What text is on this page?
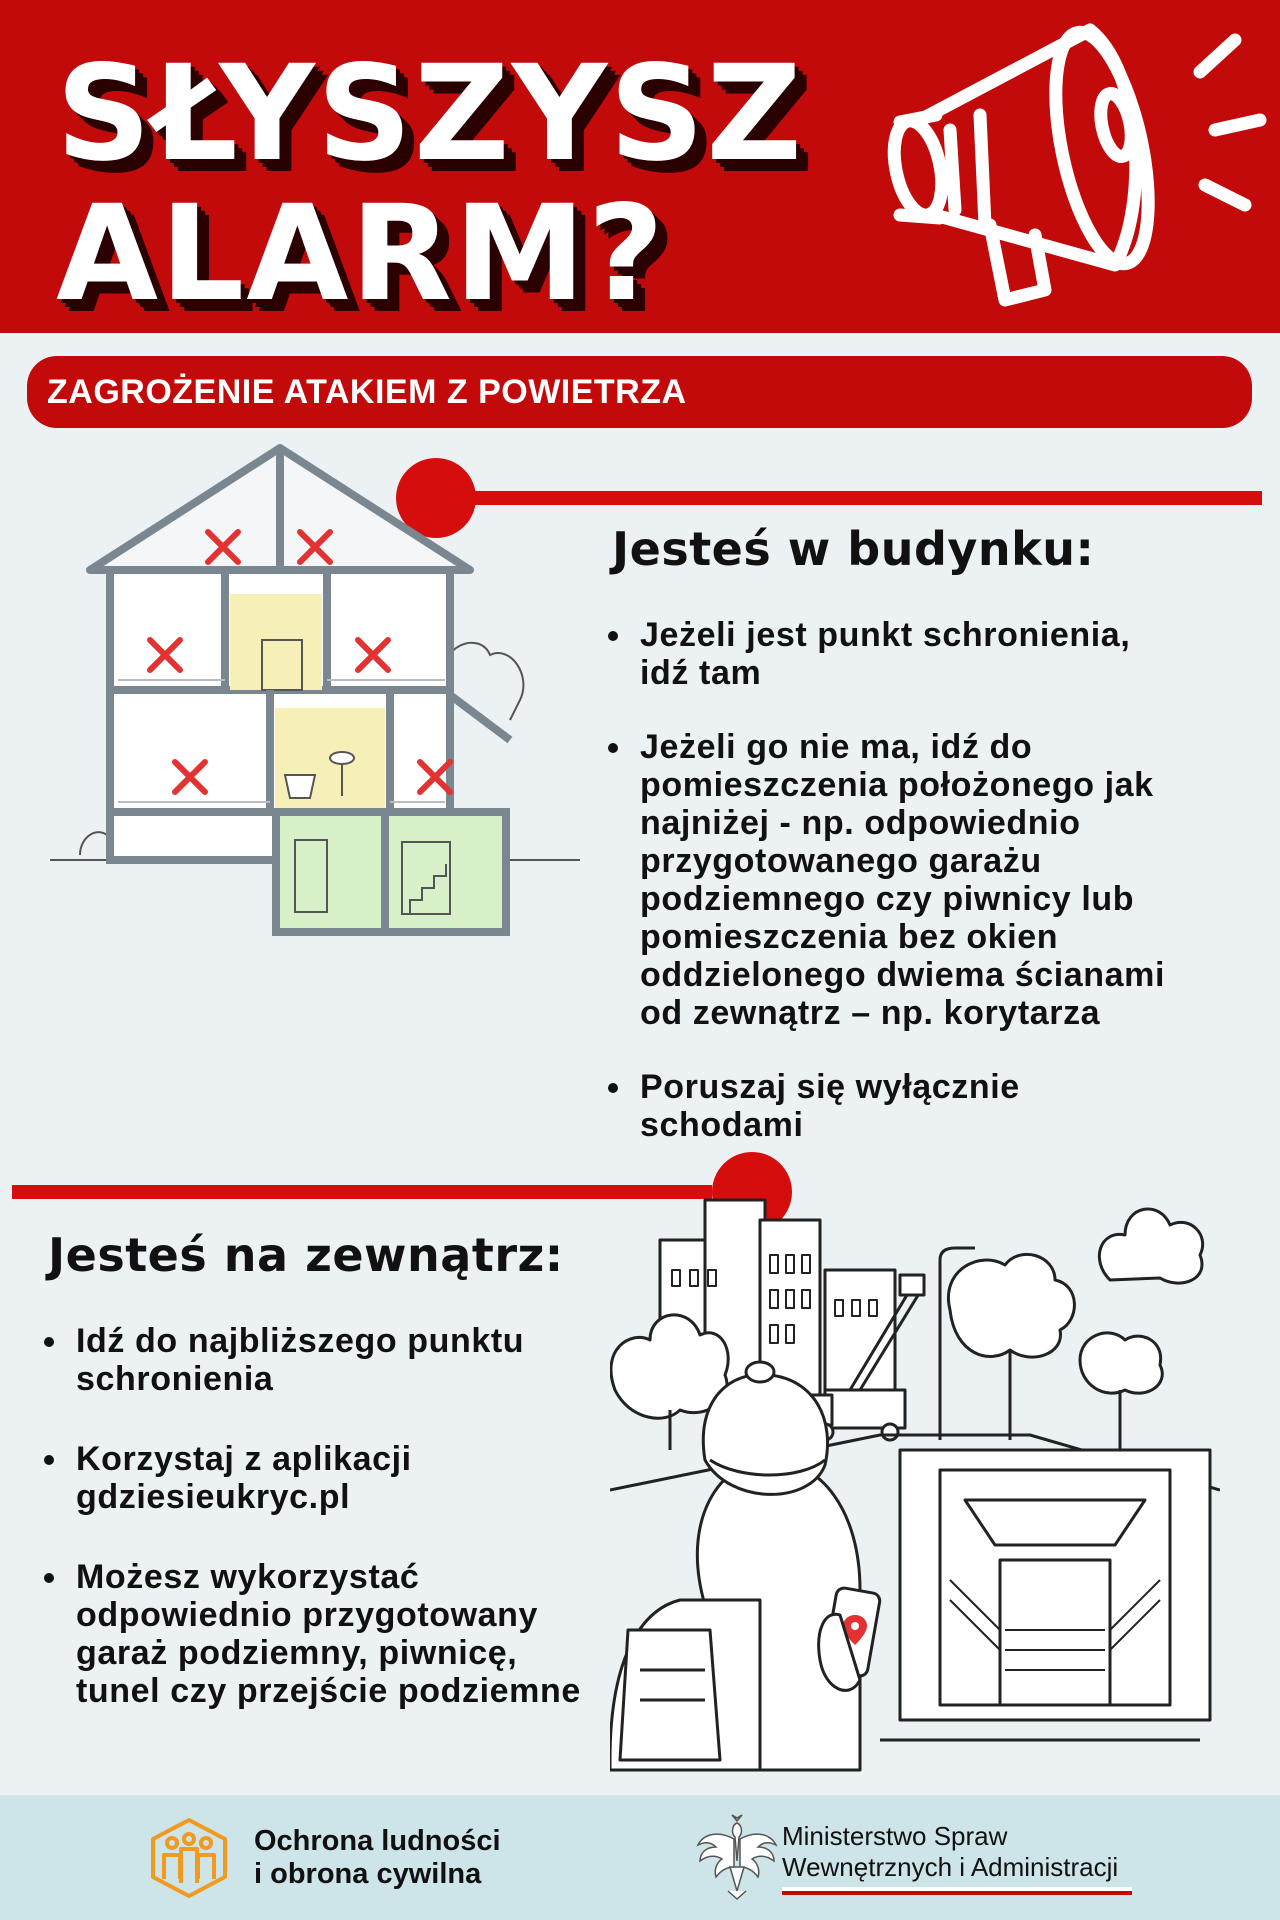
SŁYSZYSZ
ALARM?
ZAGROŻENIE ATAKIEM Z POWIETRZA
Jesteś w budynku:
Jeżeli jest punkt schronienia,
idź tam
Jeżeli go nie ma, idź do
pomieszczenia położonego jak
najniżej - np. odpowiednio
przygotowanego garażu
podziemnego czy piwnicy lub
pomieszczenia bez okien
oddzielonego dwiema ścianami
od zewnątrz – np. korytarza
Poruszaj się wyłącznie
schodami
Jesteś na zewnątrz:
Idź do najbliższego punktu
schronienia
Korzystaj z aplikacji
gdziesieukryc.pl
Możesz wykorzystać
odpowiednio przygotowany
garaż podziemny, piwnicę,
tunel czy przejście podziemne
Ochrona ludności
i obrona cywilna
Ministerstwo Spraw
Wewnętrznych i Administracji
